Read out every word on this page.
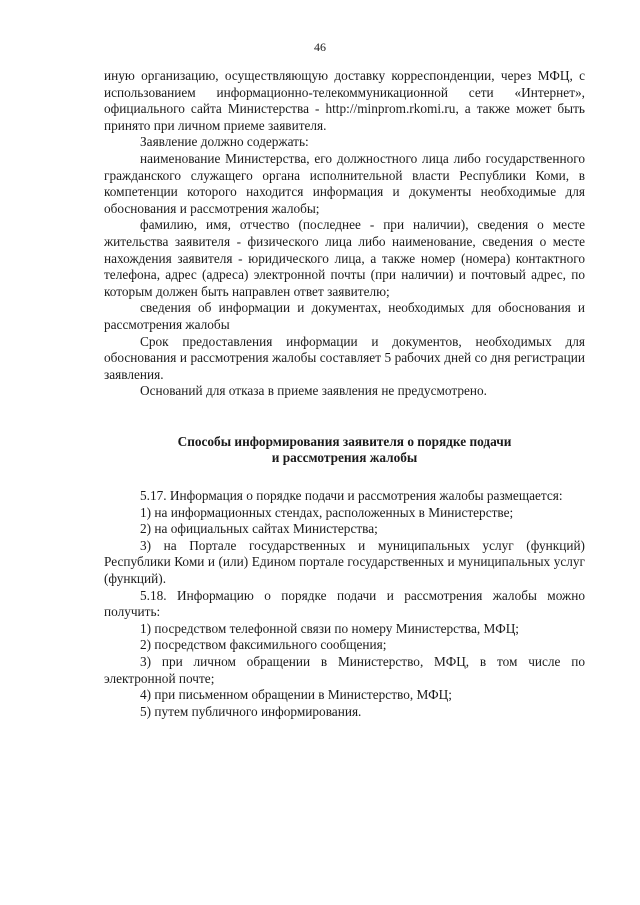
46

иную организацию, осуществляющую доставку корреспонденции, через МФЦ, с использованием информационно-телекоммуникационной сети «Интернет», официального сайта Министерства - http://minprom.rkomi.ru, а также может быть принято при личном приеме заявителя.

Заявление должно содержать:

наименование Министерства, его должностного лица либо государственного гражданского служащего органа исполнительной власти Республики Коми, в компетенции которого находится информация и документы необходимые для обоснования и рассмотрения жалобы;

фамилию, имя, отчество (последнее - при наличии), сведения о месте жительства заявителя - физического лица либо наименование, сведения о месте нахождения заявителя - юридического лица, а также номер (номера) контактного телефона, адрес (адреса) электронной почты (при наличии) и почтовый адрес, по которым должен быть направлен ответ заявителю;

сведения об информации и документах, необходимых для обоснования и рассмотрения жалобы

Срок предоставления информации и документов, необходимых для обоснования и рассмотрения жалобы составляет 5 рабочих дней со дня регистрации заявления.

Оснований для отказа в приеме заявления не предусмотрено.

Способы информирования заявителя о порядке подачи
и рассмотрения жалобы

5.17. Информация о порядке подачи и рассмотрения жалобы размещается:

1) на информационных стендах, расположенных в Министерстве;

2) на официальных сайтах Министерства;

3) на Портале государственных и муниципальных услуг (функций) Республики Коми и (или) Едином портале государственных и муниципальных услуг (функций).

5.18. Информацию о порядке подачи и рассмотрения жалобы можно получить:

1) посредством телефонной связи по номеру Министерства, МФЦ;

2) посредством факсимильного сообщения;

3) при личном обращении в Министерство, МФЦ, в том числе по электронной почте;

4) при письменном обращении в Министерство, МФЦ;

5) путем публичного информирования.
